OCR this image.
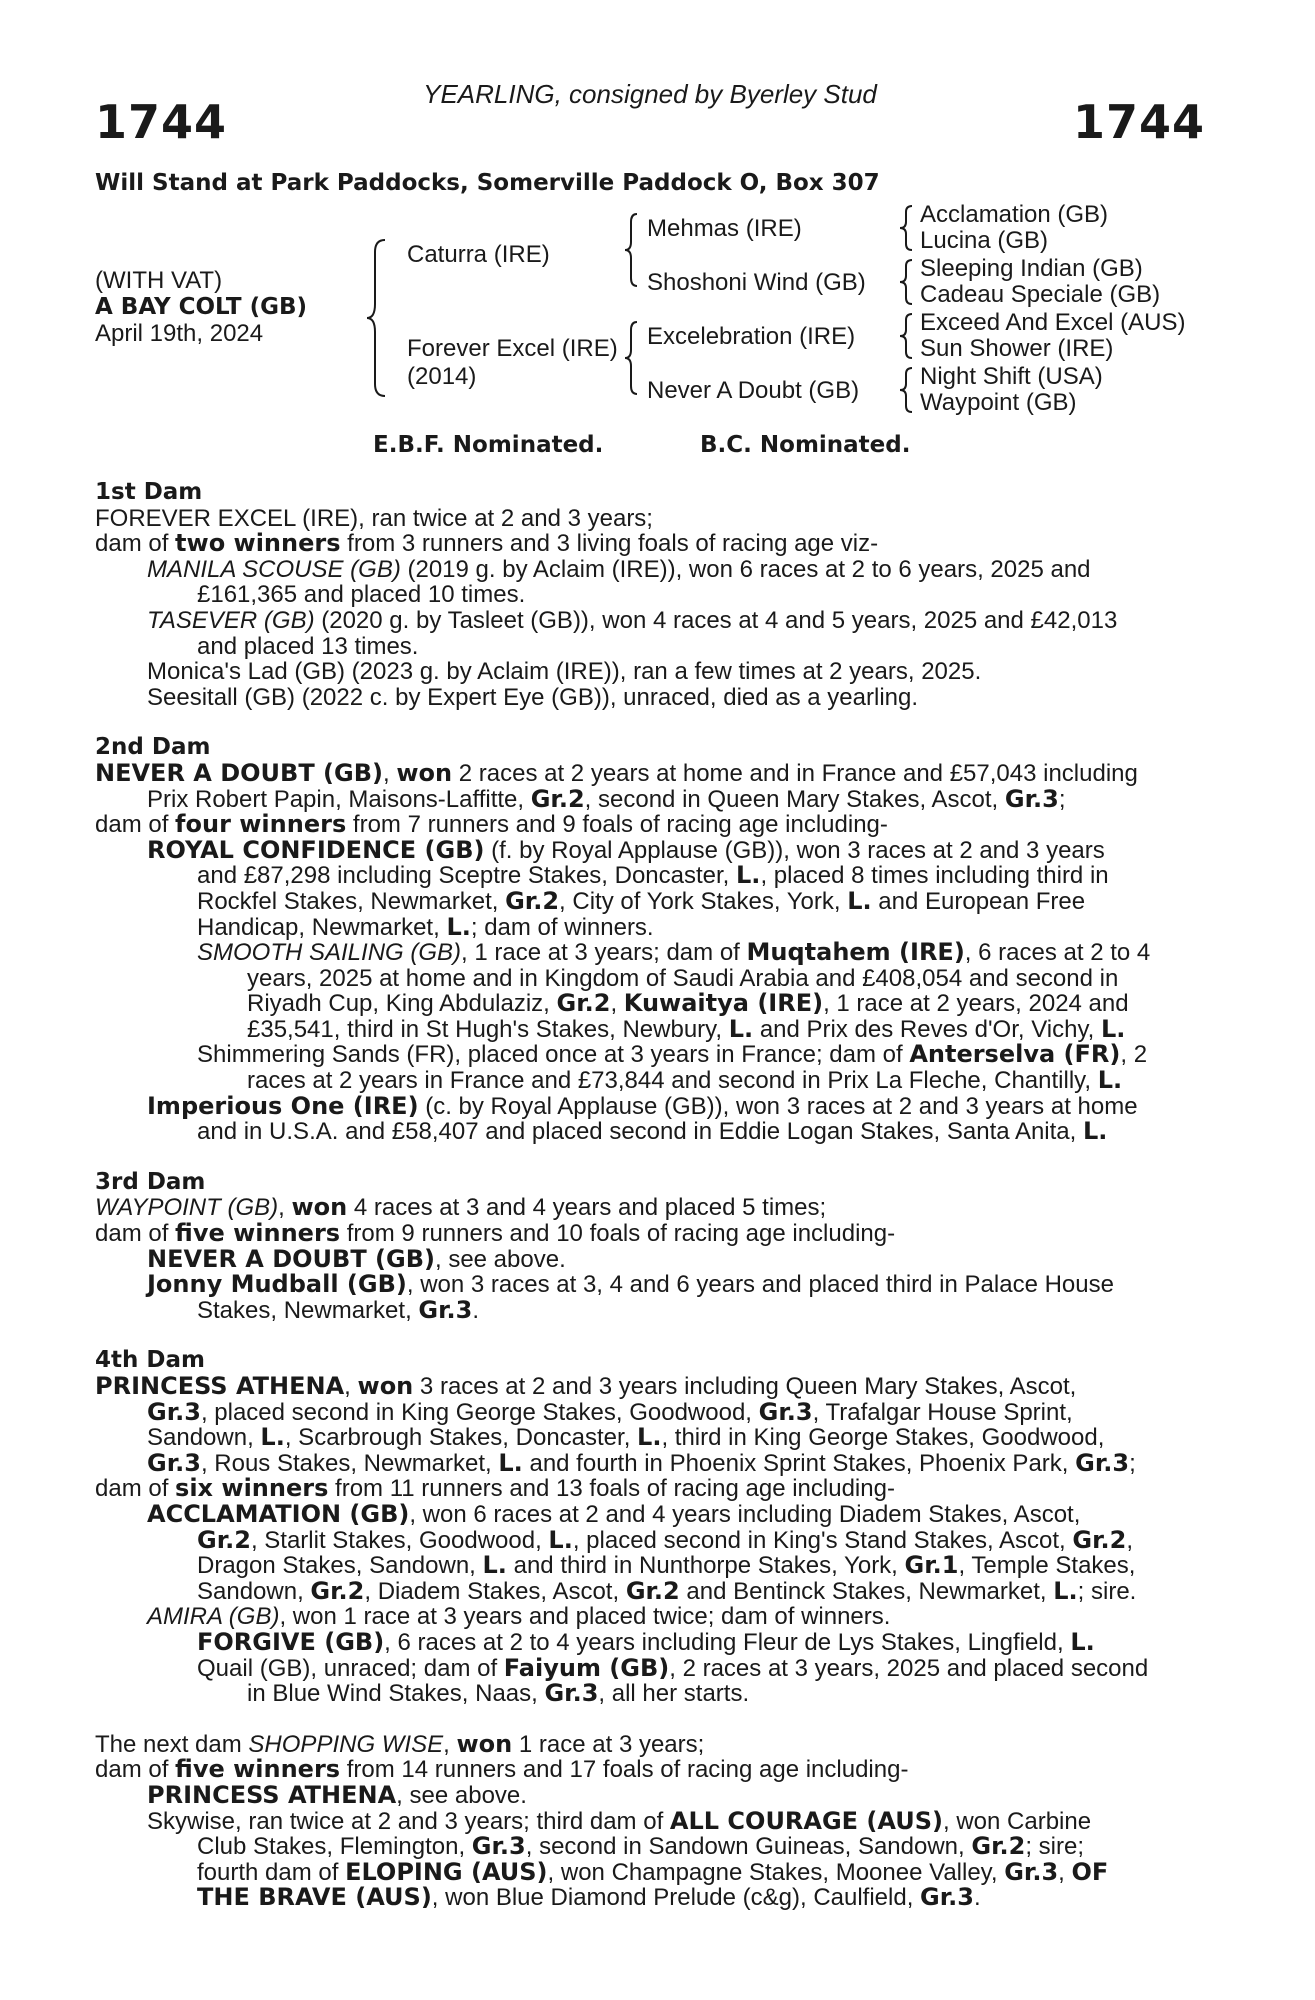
YEARLING, consigned by Byerley Stud
1744	1744
Will Stand at Park Paddocks, Somerville Paddock O, Box 307
(WITH VAT)
A BAY COLT (GB)
April 19th, 2024
Caturra (IRE)
Forever Excel (IRE)
(2014)
Mehmas (IRE)
Shoshoni Wind (GB)
Excelebration (IRE)
Never A Doubt (GB)
Acclamation (GB)
Lucina (GB)
Sleeping Indian (GB)
Cadeau Speciale (GB)
Exceed And Excel (AUS)
Sun Shower (IRE)
Night Shift (USA)
Waypoint (GB)
E.B.F. Nominated.	B.C. Nominated.

1st Dam

FOREVER EXCEL (IRE), ran twice at 2 and 3 years;

dam of two winners from 3 runners and 3 living foals of racing age viz-

MANILA SCOUSE (GB) (2019 g. by Aclaim (IRE)), won 6 races at 2 to 6 years, 2025 and

£161,365 and placed 10 times.

TASEVER (GB) (2020 g. by Tasleet (GB)), won 4 races at 4 and 5 years, 2025 and £42,013

and placed 13 times.

Monica's Lad (GB) (2023 g. by Aclaim (IRE)), ran a few times at 2 years, 2025.

Seesitall (GB) (2022 c. by Expert Eye (GB)), unraced, died as a yearling.

2nd Dam

NEVER A DOUBT (GB), won 2 races at 2 years at home and in France and £57,043 including

Prix Robert Papin, Maisons-Laffitte, Gr.2, second in Queen Mary Stakes, Ascot, Gr.3;

dam of four winners from 7 runners and 9 foals of racing age including-

ROYAL CONFIDENCE (GB) (f. by Royal Applause (GB)), won 3 races at 2 and 3 years

and £87,298 including Sceptre Stakes, Doncaster, L., placed 8 times including third in

Rockfel Stakes, Newmarket, Gr.2, City of York Stakes, York, L. and European Free

Handicap, Newmarket, L.; dam of winners.

SMOOTH SAILING (GB), 1 race at 3 years; dam of Muqtahem (IRE), 6 races at 2 to 4

years, 2025 at home and in Kingdom of Saudi Arabia and £408,054 and second in

Riyadh Cup, King Abdulaziz, Gr.2, Kuwaitya (IRE), 1 race at 2 years, 2024 and

£35,541, third in St Hugh's Stakes, Newbury, L. and Prix des Reves d'Or, Vichy, L.

Shimmering Sands (FR), placed once at 3 years in France; dam of Anterselva (FR), 2

races at 2 years in France and £73,844 and second in Prix La Fleche, Chantilly, L.

Imperious One (IRE) (c. by Royal Applause (GB)), won 3 races at 2 and 3 years at home

and in U.S.A. and £58,407 and placed second in Eddie Logan Stakes, Santa Anita, L.

3rd Dam

WAYPOINT (GB), won 4 races at 3 and 4 years and placed 5 times;

dam of five winners from 9 runners and 10 foals of racing age including-

NEVER A DOUBT (GB), see above.

Jonny Mudball (GB), won 3 races at 3, 4 and 6 years and placed third in Palace House

Stakes, Newmarket, Gr.3.

4th Dam

PRINCESS ATHENA, won 3 races at 2 and 3 years including Queen Mary Stakes, Ascot,

Gr.3, placed second in King George Stakes, Goodwood, Gr.3, Trafalgar House Sprint,

Sandown, L., Scarbrough Stakes, Doncaster, L., third in King George Stakes, Goodwood,

Gr.3, Rous Stakes, Newmarket, L. and fourth in Phoenix Sprint Stakes, Phoenix Park, Gr.3;

dam of six winners from 11 runners and 13 foals of racing age including-

ACCLAMATION (GB), won 6 races at 2 and 4 years including Diadem Stakes, Ascot,

Gr.2, Starlit Stakes, Goodwood, L., placed second in King's Stand Stakes, Ascot, Gr.2,

Dragon Stakes, Sandown, L. and third in Nunthorpe Stakes, York, Gr.1, Temple Stakes,

Sandown, Gr.2, Diadem Stakes, Ascot, Gr.2 and Bentinck Stakes, Newmarket, L.; sire.

AMIRA (GB), won 1 race at 3 years and placed twice; dam of winners.

FORGIVE (GB), 6 races at 2 to 4 years including Fleur de Lys Stakes, Lingfield, L.

Quail (GB), unraced; dam of Faiyum (GB), 2 races at 3 years, 2025 and placed second

in Blue Wind Stakes, Naas, Gr.3, all her starts.

The next dam SHOPPING WISE, won 1 race at 3 years;

dam of five winners from 14 runners and 17 foals of racing age including-

PRINCESS ATHENA, see above.

Skywise, ran twice at 2 and 3 years; third dam of ALL COURAGE (AUS), won Carbine

Club Stakes, Flemington, Gr.3, second in Sandown Guineas, Sandown, Gr.2; sire;

fourth dam of ELOPING (AUS), won Champagne Stakes, Moonee Valley, Gr.3, OF

THE BRAVE (AUS), won Blue Diamond Prelude (c&g), Caulfield, Gr.3.
